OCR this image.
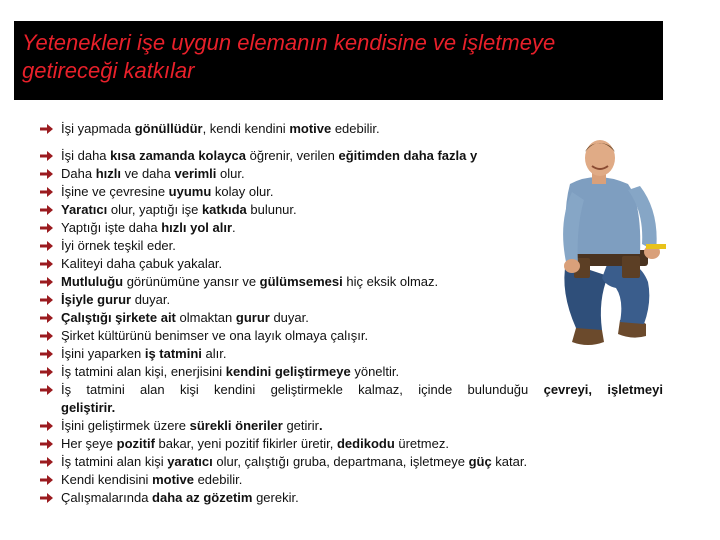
Yetenekleri işe uygun elemanın kendisine ve işletmeye getireceği katkılar
İşi yapmada gönüllüdür, kendi kendini motive edebilir.
İşi daha kısa zamanda kolayca öğrenir, verilen eğitimden daha fazla y
Daha hızlı ve daha verimli olur.
İşine ve çevresine uyumu kolay olur.
Yaratıcı olur, yaptığı işe katkıda bulunur.
Yaptığı işte daha hızlı yol alır.
İyi örnek teşkil eder.
Kaliteyi daha çabuk yakalar.
Mutluluğu görünümüne yansır ve gülümsemesi hiç eksik olmaz.
İşiyle gurur duyar.
Çalıştığı şirkete ait olmaktan gurur duyar.
Şirket kültürünü benimser ve ona layık olmaya çalışır.
İşini yaparken iş tatmini alır.
İş tatmini alan kişi, enerjisini kendini geliştirmeye yöneltir.
İş tatmini alan kişi kendini geliştirmekle kalmaz, içinde bulunduğu çevreyi, işletmeyi
geliştirir.
İşini geliştirmek üzere sürekli öneriler getirir.
Her şeye pozitif bakar, yeni pozitif fikirler üretir, dedikodu üretmez.
İş tatmini alan kişi yaratıcı olur, çalıştığı gruba, departmana, işletmeye güç katar.
Kendi kendisini motive edebilir.
Çalışmalarında daha az gözetim gerekir.
